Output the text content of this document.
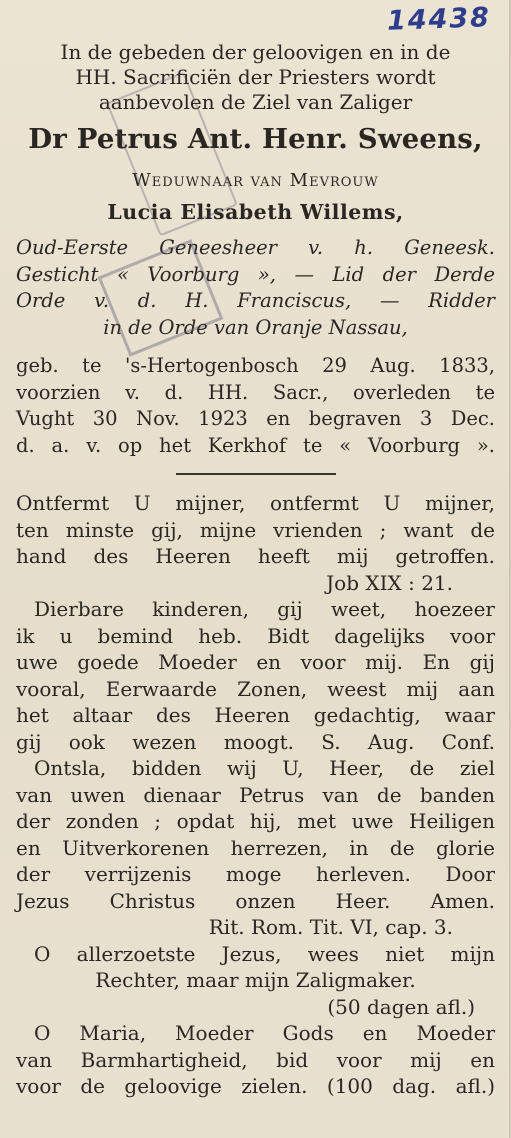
14438

In de gebeden der geloovigen en in de

HH. Sacrificiën der Priesters wordt

aanbevolen de Ziel van Zaliger

Dr Petrus Ant. Henr. Sweens,

Weduwnaar van Mevrouw

Lucia Elisabeth Willems,

Oud-Eerste Geneesheer v. h. Geneesk.

Gesticht « Voorburg », — Lid der Derde

Orde v. d. H. Franciscus, — Ridder

in de Orde van Oranje Nassau,

geb. te 's-Hertogenbosch 29 Aug. 1833,

voorzien v. d. HH. Sacr., overleden te

Vught 30 Nov. 1923 en begraven 3 Dec.

d. a. v. op het Kerkhof te « Voorburg ».

Ontfermt U mijner, ontfermt U mijner,

ten minste gij, mijne vrienden ; want de

hand des Heeren heeft mij getroffen.

Job XIX : 21.

Dierbare kinderen, gij weet, hoezeer

ik u bemind heb. Bidt dagelijks voor

uwe goede Moeder en voor mij. En gij

vooral, Eerwaarde Zonen, weest mij aan

het altaar des Heeren gedachtig, waar

gij ook wezen moogt. S. Aug. Conf.

Ontsla, bidden wij U, Heer, de ziel

van uwen dienaar Petrus van de banden

der zonden ; opdat hij, met uwe Heiligen

en Uitverkorenen herrezen, in de glorie

der verrijzenis moge herleven. Door

Jezus Christus onzen Heer. Amen.

Rit. Rom. Tit. VI, cap. 3.

O allerzoetste Jezus, wees niet mijn

Rechter, maar mijn Zaligmaker.

(50 dagen afl.)

O Maria, Moeder Gods en Moeder

van Barmhartigheid, bid voor mij en

voor de geloovige zielen. (100 dag. afl.)
